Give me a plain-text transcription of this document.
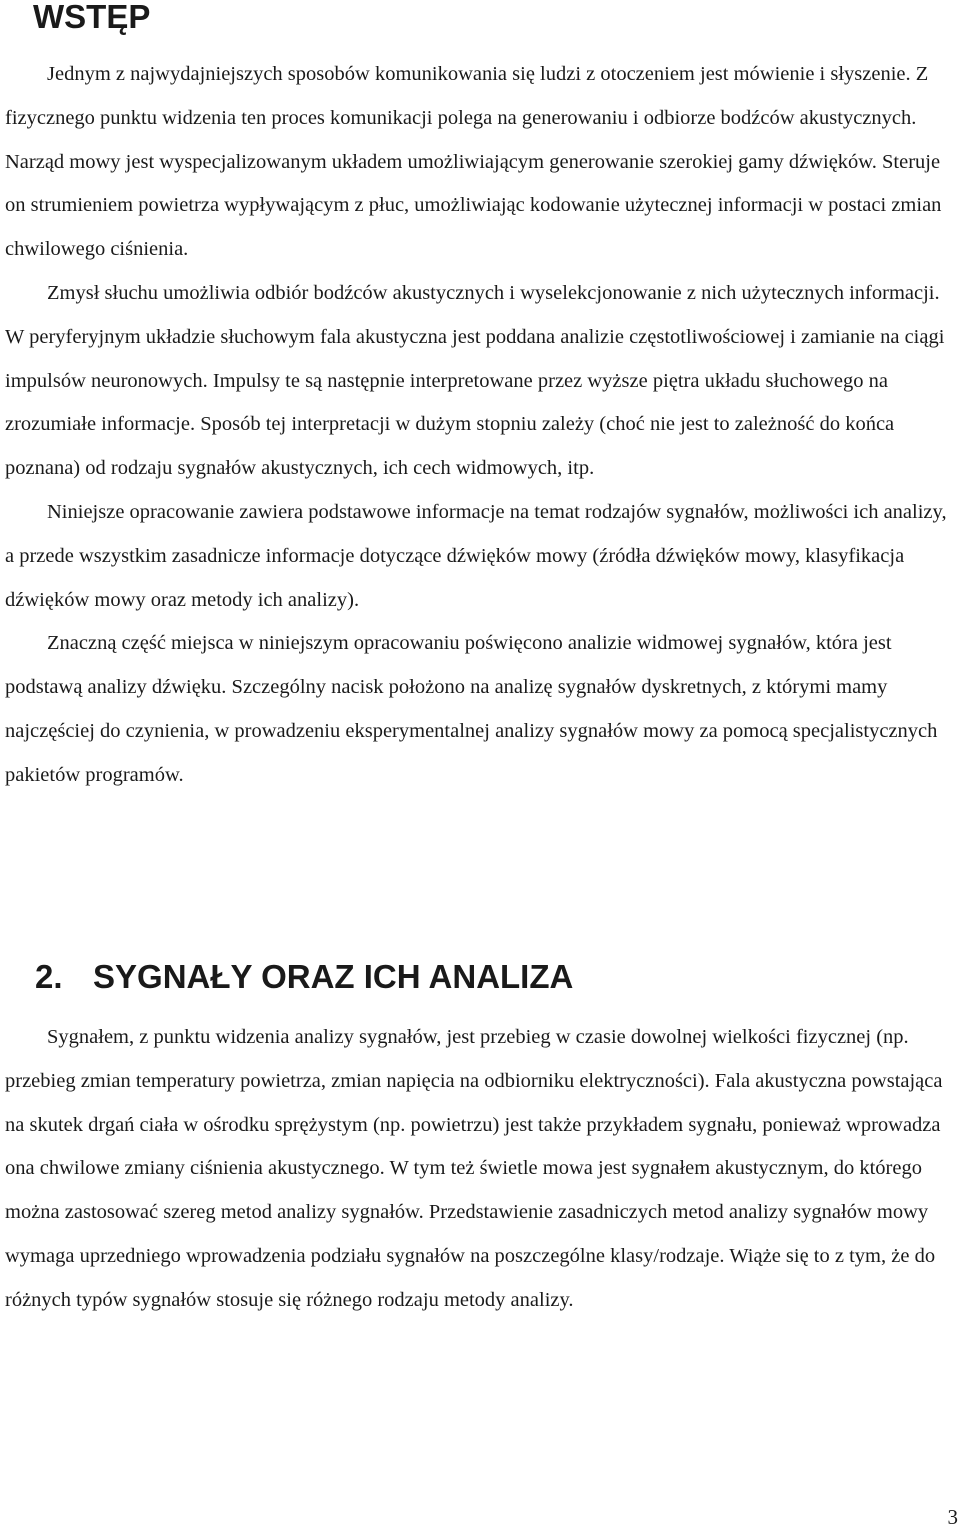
WSTĘP

Jednym z najwydajniejszych sposobów komunikowania się ludzi z otoczeniem jest mówienie i słyszenie. Z fizycznego punktu widzenia ten proces komunikacji polega na generowaniu i odbiorze bodźców akustycznych. Narząd mowy jest wyspecjalizowanym układem umożliwiającym generowanie szerokiej gamy dźwięków. Steruje on strumieniem powietrza wypływającym z płuc, umożliwiając kodowanie użytecznej informacji w postaci zmian chwilowego ciśnienia.

Zmysł słuchu umożliwia odbiór bodźców akustycznych i wyselekcjonowanie z nich użytecznych informacji. W peryferyjnym układzie słuchowym fala akustyczna jest poddana analizie częstotliwościowej i zamianie na ciągi impulsów neuronowych. Impulsy te są następnie interpretowane przez wyższe piętra układu słuchowego na zrozumiałe informacje. Sposób tej interpretacji w dużym stopniu zależy (choć nie jest to zależność do końca poznana) od rodzaju sygnałów akustycznych, ich cech widmowych, itp.

Niniejsze opracowanie zawiera podstawowe informacje na temat rodzajów sygnałów, możliwości ich analizy, a przede wszystkim zasadnicze informacje dotyczące dźwięków mowy (źródła dźwięków mowy, klasyfikacja dźwięków mowy oraz metody ich analizy).

Znaczną część miejsca w niniejszym opracowaniu poświęcono analizie widmowej sygnałów, która jest podstawą analizy dźwięku. Szczególny nacisk położono na analizę sygnałów dyskretnych, z którymi mamy najczęściej do czynienia, w prowadzeniu eksperymentalnej analizy sygnałów mowy za pomocą specjalistycznych pakietów programów.

2. SYGNAŁY ORAZ ICH ANALIZA

Sygnałem, z punktu widzenia analizy sygnałów, jest przebieg w czasie dowolnej wielkości fizycznej (np. przebieg zmian temperatury powietrza, zmian napięcia na odbiorniku elektryczności). Fala akustyczna powstająca na skutek drgań ciała w ośrodku sprężystym (np. powietrzu) jest także przykładem sygnału, ponieważ wprowadza ona chwilowe zmiany ciśnienia akustycznego. W tym też świetle mowa jest sygnałem akustycznym, do którego można zastosować szereg metod analizy sygnałów. Przedstawienie zasadniczych metod analizy sygnałów mowy wymaga uprzedniego wprowadzenia podziału sygnałów na poszczególne klasy/rodzaje. Wiąże się to z tym, że do różnych typów sygnałów stosuje się różnego rodzaju metody analizy.

3
